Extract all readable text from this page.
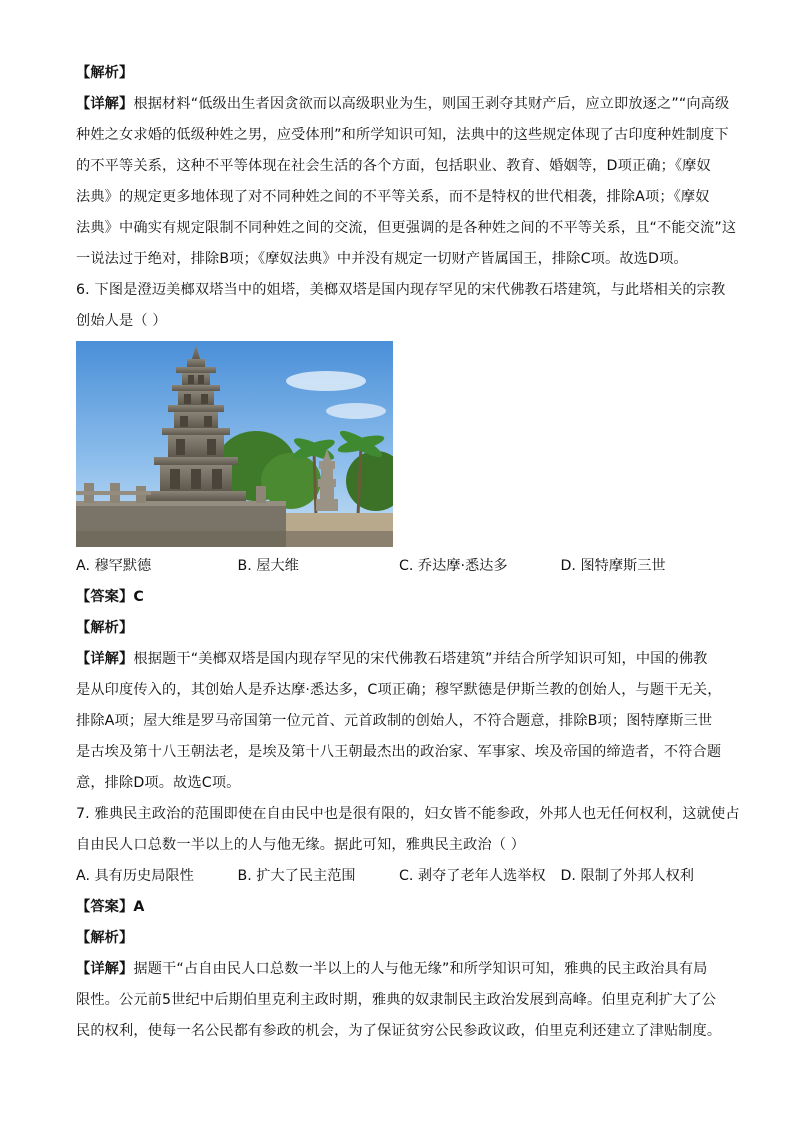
【解析】
【详解】根据材料“低级出生者因贪欲而以高级职业为生，则国王剥夺其财产后，应立即放逐之”“向高级
种姓之女求婚的低级种姓之男，应受体刑”和所学知识可知，法典中的这些规定体现了古印度种姓制度下
的不平等关系，这种不平等体现在社会生活的各个方面，包括职业、教育、婚姻等，D项正确；《摩奴
法典》的规定更多地体现了对不同种姓之间的不平等关系，而不是特权的世代相袭，排除A项；《摩奴
法典》中确实有规定限制不同种姓之间的交流，但更强调的是各种姓之间的不平等关系，且“不能交流”这
一说法过于绝对，排除B项；《摩奴法典》中并没有规定一切财产皆属国王，排除C项。故选D项。
6. 下图是澄迈美榔双塔当中的姐塔，美榔双塔是国内现存罕见的宋代佛教石塔建筑，与此塔相关的宗教
创始人是（ ）
A. 穆罕默德	B. 屋大维	C. 乔达摩·悉达多	D. 图特摩斯三世
【答案】C
【解析】
【详解】根据题干“美榔双塔是国内现存罕见的宋代佛教石塔建筑”并结合所学知识可知，中国的佛教
是从印度传入的，其创始人是乔达摩·悉达多，C项正确；穆罕默德是伊斯兰教的创始人，与题干无关，
排除A项；屋大维是罗马帝国第一位元首、元首政制的创始人，不符合题意，排除B项；图特摩斯三世
是古埃及第十八王朝法老，是埃及第十八王朝最杰出的政治家、军事家、埃及帝国的缔造者，不符合题
意，排除D项。故选C项。
7. 雅典民主政治的范围即使在自由民中也是很有限的，妇女皆不能参政，外邦人也无任何权利，这就使占
自由民人口总数一半以上的人与他无缘。据此可知，雅典民主政治（ ）
A. 具有历史局限性	B. 扩大了民主范围	C. 剥夺了老年人选举权	D. 限制了外邦人权利
【答案】A
【解析】
【详解】据题干“占自由民人口总数一半以上的人与他无缘”和所学知识可知，雅典的民主政治具有局
限性。公元前5世纪中后期伯里克利主政时期，雅典的奴隶制民主政治发展到高峰。伯里克利扩大了公
民的权利，使每一名公民都有参政的机会，为了保证贫穷公民参政议政，伯里克利还建立了津贴制度。
